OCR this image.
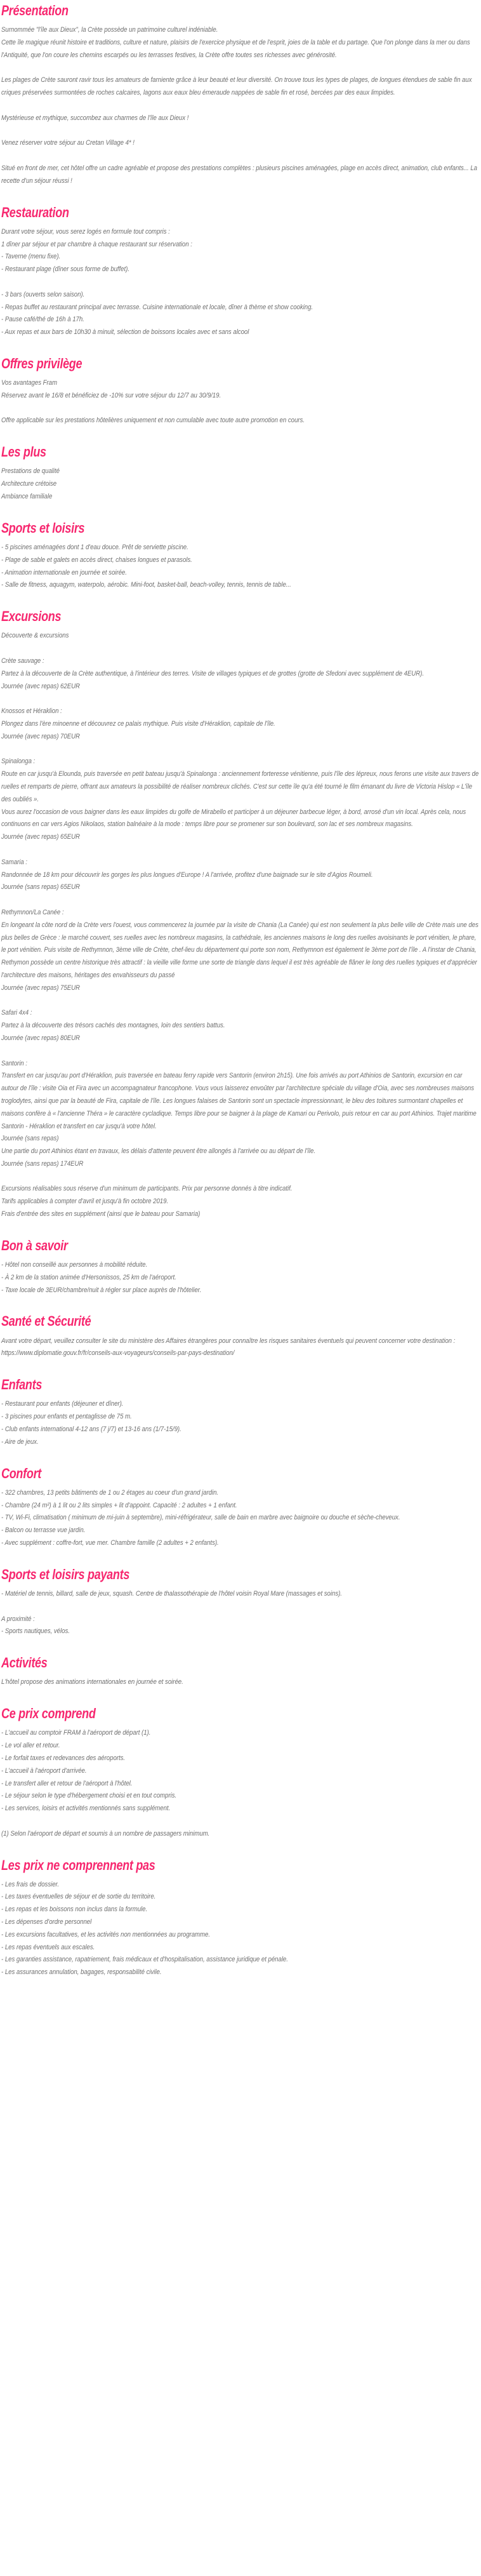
Présentation

Surnommée "l'île aux Dieux", la Crète possède un patrimoine culturel indéniable.

Cette île magique réunit histoire et traditions, culture et nature, plaisirs de l'exercice physique et de l'esprit, joies de la table et du partage. Que l'on plonge dans la mer ou dans l'Antiquité, que l'on coure les chemins escarpés ou les terrasses festives, la Crète offre toutes ses richesses avec générosité.

Les plages de Crète sauront ravir tous les amateurs de farniente grâce à leur beauté et leur diversité. On trouve tous les types de plages, de longues étendues de sable fin aux criques préservées surmontées de roches calcaires, lagons aux eaux bleu émeraude nappées de sable fin et rosé, bercées par des eaux limpides.

Mystérieuse et mythique, succombez aux charmes de l'île aux Dieux !

Venez réserver votre séjour au Cretan Village 4* !

Situé en front de mer, cet hôtel offre un cadre agréable et propose des prestations complètes : plusieurs piscines aménagées, plage en accès direct, animation, club enfants... La recette d'un séjour réussi !

Restauration

Durant votre séjour, vous serez logés en formule tout compris :

1 dîner par séjour et par chambre à chaque restaurant sur réservation :

- Taverne (menu fixe).

- Restaurant plage (dîner sous forme de buffet).

- 3 bars (ouverts selon saison).

- Repas buffet au restaurant principal avec terrasse. Cuisine internationale et locale, dîner à thème et show cooking.

- Pause café/thé de 16h à 17h.

- Aux repas et aux bars de 10h30 à minuit, sélection de boissons locales avec et sans alcool

Offres privilège

Vos avantages Fram

Réservez avant le 16/8 et bénéficiez de -10% sur votre séjour du 12/7 au 30/9/19.

Offre applicable sur les prestations hôtelières uniquement et non cumulable avec toute autre promotion en cours.

Les plus

Prestations de qualité

Architecture crétoise

Ambiance familiale

Sports et loisirs

- 5 piscines aménagées dont 1 d'eau douce. Prêt de serviette piscine.

- Plage de sable et galets en accès direct, chaises longues et parasols.

- Animation internationale en journée et soirée.

- Salle de fitness, aquagym, waterpolo, aérobic. Mini-foot, basket-ball, beach-volley, tennis, tennis de table...

Excursions

Découverte & excursions

Crète sauvage :

Partez à la découverte de la Crète authentique, à l'intérieur des terres. Visite de villages typiques et de grottes (grotte de Sfedoni avec supplément de 4EUR).

Journée (avec repas) 62EUR

Knossos et Héraklion :

Plongez dans l'ère minoenne et découvrez ce palais mythique. Puis visite d'Héraklion, capitale de l'île.

Journée (avec repas) 70EUR

Spinalonga :

Route en car jusqu'à Elounda, puis traversée en petit bateau jusqu'à Spinalonga : anciennement forteresse vénitienne, puis l'île des lépreux, nous ferons une visite aux travers de ruelles et remparts de pierre, offrant aux amateurs la possibilité de réaliser nombreux clichés. C'est sur cette île qu'a été tourné le film émanant du livre de Victoria Hislop « L'île des oubliés ».

Vous aurez l'occasion de vous baigner dans les eaux limpides du golfe de Mirabello et participer à un déjeuner barbecue léger, à bord, arrosé d'un vin local. Après cela, nous continuons en car vers Agios Nikolaos, station balnéaire à la mode : temps libre pour se promener sur son boulevard, son lac et ses nombreux magasins.

Journée (avec repas) 65EUR

Samaria :

Randonnée de 18 km pour découvrir les gorges les plus longues d'Europe ! A l'arrivée, profitez d'une baignade sur le site d'Agios Roumeli.

Journée (sans repas) 65EUR

Rethymnon/La Canée :

En longeant la côte nord de la Crète vers l'ouest, vous commencerez la journée par la visite de Chania (La Canée) qui est non seulement la plus belle ville de Crète mais une des plus belles de Grèce : le marché couvert, ses ruelles avec les nombreux magasins, la cathédrale, les anciennes maisons le long des ruelles avoisinants le port vénitien, le phare, le port vénitien. Puis visite de Rethymnon, 3ème ville de Crète, chef-lieu du département qui porte son nom, Rethymnon est également le 3ème port de l'île . A l'instar de Chania, Rethymon possède un centre historique très attractif : la vieille ville forme une sorte de triangle dans lequel il est très agréable de flâner le long des ruelles typiques et d'apprécier l'architecture des maisons, héritages des envahisseurs du passé

Journée (avec repas) 75EUR

Safari 4x4 :

Partez à la découverte des trésors cachés des montagnes, loin des sentiers battus.

Journée (avec repas) 80EUR

Santorin :

Transfert en car jusqu'au port d'Héraklion, puis traversée en bateau ferry rapide vers Santorin (environ 2h15). Une fois arrivés au port Athinios de Santorin, excursion en car autour de l'île : visite Oia et Fira avec un accompagnateur francophone. Vous vous laisserez envoûter par l'architecture spéciale du village d'Oia, avec ses nombreuses maisons troglodytes, ainsi que par la beauté de Fira, capitale de l'île. Les longues falaises de Santorin sont un spectacle impressionnant, le bleu des toitures surmontant chapelles et maisons confère à « l'ancienne Théra » le caractère cycladique. Temps libre pour se baigner à la plage de Kamari ou Perivolo, puis retour en car au port Athinios. Trajet maritime Santorin - Héraklion et transfert en car jusqu'à votre hôtel.

Journée (sans repas)

Une partie du port Athinios étant en travaux, les délais d'attente peuvent être allongés à l'arrivée ou au départ de l'île.

Journée (sans repas) 174EUR

Excursions réalisables sous réserve d'un minimum de participants. Prix par personne donnés à titre indicatif.

Tarifs applicables à compter d'avril et jusqu'à fin octobre 2019.

Frais d'entrée des sites en supplément (ainsi que le bateau pour Samaria)

Bon à savoir

- Hôtel non conseillé aux personnes à mobilité réduite.

- À 2 km de la station animée d'Hersonissos, 25 km de l'aéroport.

- Taxe locale de 3EUR/chambre/nuit à régler sur place auprès de l'hôtelier.

Santé et Sécurité

Avant votre départ, veuillez consulter le site du ministère des Affaires étrangères pour connaître les risques sanitaires éventuels qui peuvent concerner votre destination : https://www.diplomatie.gouv.fr/fr/conseils-aux-voyageurs/conseils-par-pays-destination/

Enfants

- Restaurant pour enfants (déjeuner et dîner).

- 3 piscines pour enfants et pentaglisse de 75 m.

- Club enfants international 4-12 ans (7 j/7) et 13-16 ans (1/7-15/9).

- Aire de jeux.

Confort

- 322 chambres, 13 petits bâtiments de 1 ou 2 étages au coeur d'un grand jardin.

- Chambre (24 m²) à 1 lit ou 2 lits simples + lit d'appoint. Capacité : 2 adultes + 1 enfant.

- TV, Wi-Fi, climatisation ( minimum de mi-juin à septembre), mini-réfrigérateur, salle de bain en marbre avec baignoire ou douche et sèche-cheveux.

- Balcon ou terrasse vue jardin.

- Avec supplément : coffre-fort, vue mer. Chambre famille (2 adultes + 2 enfants).

Sports et loisirs payants

- Matériel de tennis, billard, salle de jeux, squash. Centre de thalassothérapie de l'hôtel voisin Royal Mare (massages et soins).

A proximité :

- Sports nautiques, vélos.

Activités

L'hôtel propose des animations internationales en journée et soirée.

Ce prix comprend

- L'accueil au comptoir FRAM à l'aéroport de départ (1).

- Le vol aller et retour.

- Le forfait taxes et redevances des aéroports.

- L'accueil à l'aéroport d'arrivée.

- Le transfert aller et retour de l'aéroport à l'hôtel.

- Le séjour selon le type d'hébergement choisi et en tout compris.

- Les services, loisirs et activités mentionnés sans supplément.

(1) Selon l'aéroport de départ et soumis à un nombre de passagers minimum.

Les prix ne comprennent pas

- Les frais de dossier.

- Les taxes éventuelles de séjour et de sortie du territoire.

- Les repas et les boissons non inclus dans la formule.

- Les dépenses d'ordre personnel

- Les excursions facultatives, et les activités non mentionnées au programme.

- Les repas éventuels aux escales.

- Les garanties assistance, rapatriement, frais médicaux et d'hospitalisation, assistance juridique et pénale.

- Les assurances annulation, bagages, responsabilité civile.
